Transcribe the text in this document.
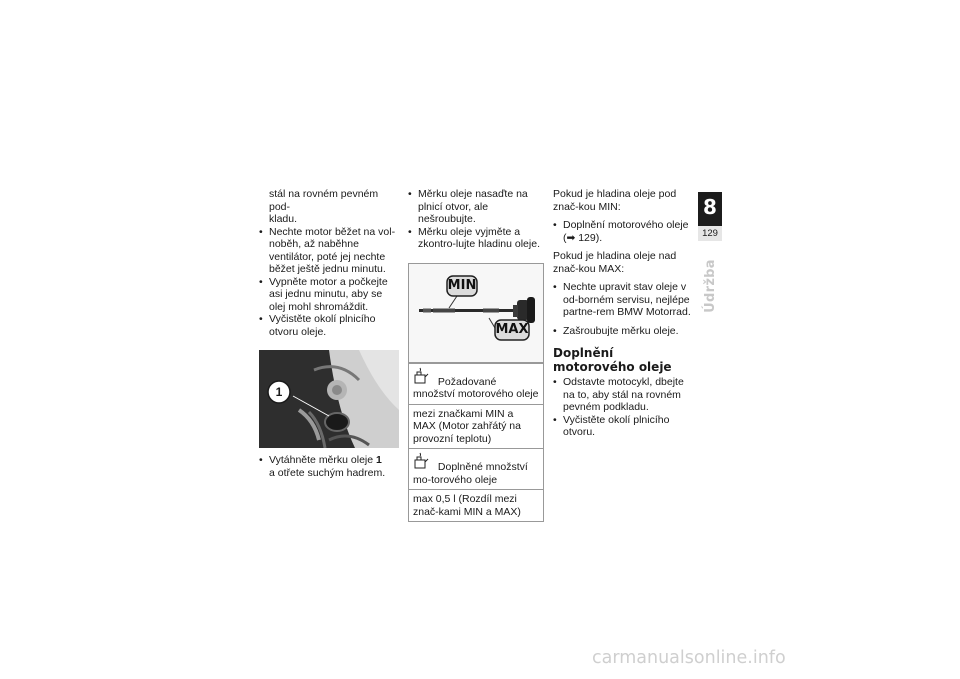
stál na rovném pevném pod-
kladu.
• Nechte motor běžet na vol-noběh, až naběhne ventilátor, poté jej nechte běžet ještě jednu minutu.
• Vypněte motor a počkejte asi jednu minutu, aby se olej mohl shromáždit.
• Vyčistěte okolí plnicího otvoru oleje.
1
• Vytáhněte měrku oleje 1
a otřete suchým hadrem.
• Měrku oleje nasaďte na plnicí otvor, ale nešroubujte.
• Měrku oleje vyjměte a zkontro-lujte hladinu oleje.
MIN
MAX
Požadované množství motorového oleje

mezi značkami MIN a MAX (Motor zahřátý na provozní teplotu)

Doplněné množství mo-torového oleje

max 0,5 l (Rozdíl mezi znač-kami MIN a MAX)

Pokud je hladina oleje pod znač-kou MIN:

• Doplnění motorového oleje
(➡ 129).

Pokud je hladina oleje nad znač-kou MAX:

• Nechte upravit stav oleje v od-borném servisu, nejlépe partne-rem BMW Motorrad.
• Zašroubujte měrku oleje.
Doplnění motorového oleje
• Odstavte motocykl, dbejte na to, aby stál na rovném pevném podkladu.
• Vyčistěte okolí plnicího otvoru.
8
129
Údržba
carmanualsonline.info
